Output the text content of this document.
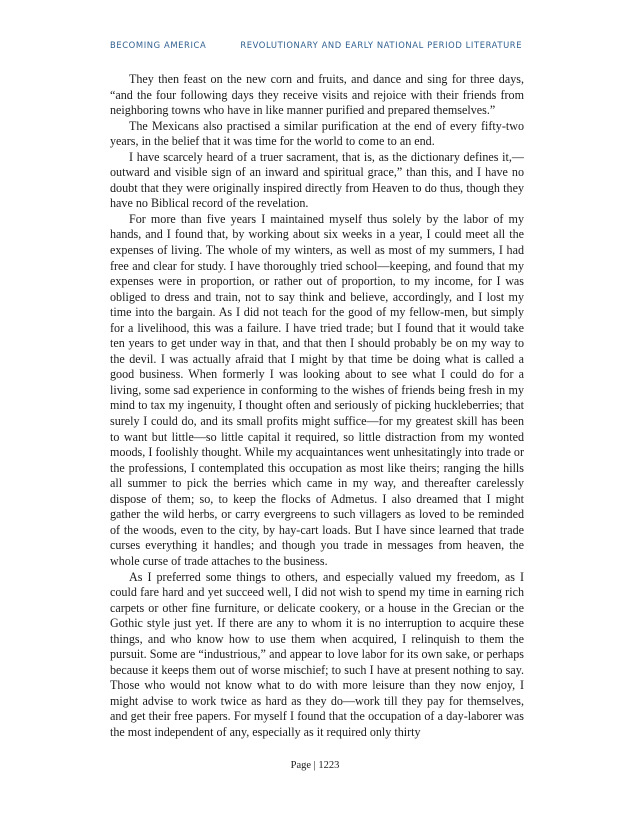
BECOMING AMERICA	REVOLUTIONARY AND EARLY NATIONAL PERIOD LITERATURE

They then feast on the new corn and fruits, and dance and sing for three days, “and the four following days they receive visits and rejoice with their friends from neighboring towns who have in like manner purified and prepared themselves.”

The Mexicans also practised a similar purification at the end of every fifty-two years, in the belief that it was time for the world to come to an end.

I have scarcely heard of a truer sacrament, that is, as the dictionary defines it,—outward and visible sign of an inward and spiritual grace,” than this, and I have no doubt that they were originally inspired directly from Heaven to do thus, though they have no Biblical record of the revelation.

For more than five years I maintained myself thus solely by the labor of my hands, and I found that, by working about six weeks in a year, I could meet all the expenses of living. The whole of my winters, as well as most of my summers, I had free and clear for study. I have thoroughly tried school—keeping, and found that my expenses were in proportion, or rather out of proportion, to my income, for I was obliged to dress and train, not to say think and believe, accordingly, and I lost my time into the bargain. As I did not teach for the good of my fellow-men, but simply for a livelihood, this was a failure. I have tried trade; but I found that it would take ten years to get under way in that, and that then I should probably be on my way to the devil. I was actually afraid that I might by that time be doing what is called a good business. When formerly I was looking about to see what I could do for a living, some sad experience in conforming to the wishes of friends being fresh in my mind to tax my ingenuity, I thought often and seriously of picking huckleberries; that surely I could do, and its small profits might suffice—for my greatest skill has been to want but little—so little capital it required, so little distraction from my wonted moods, I foolishly thought. While my acquaintances went unhesitatingly into trade or the professions, I contemplated this occupation as most like theirs; ranging the hills all summer to pick the berries which came in my way, and thereafter carelessly dispose of them; so, to keep the flocks of Admetus. I also dreamed that I might gather the wild herbs, or carry evergreens to such villagers as loved to be reminded of the woods, even to the city, by hay-cart loads. But I have since learned that trade curses everything it handles; and though you trade in messages from heaven, the whole curse of trade attaches to the business.

As I preferred some things to others, and especially valued my freedom, as I could fare hard and yet succeed well, I did not wish to spend my time in earning rich carpets or other fine furniture, or delicate cookery, or a house in the Grecian or the Gothic style just yet. If there are any to whom it is no interruption to acquire these things, and who know how to use them when acquired, I relinquish to them the pursuit. Some are “industrious,” and appear to love labor for its own sake, or perhaps because it keeps them out of worse mischief; to such I have at present nothing to say. Those who would not know what to do with more leisure than they now enjoy, I might advise to work twice as hard as they do—work till they pay for themselves, and get their free papers. For myself I found that the occupation of a day-laborer was the most independent of any, especially as it required only thirty

Page | 1223
